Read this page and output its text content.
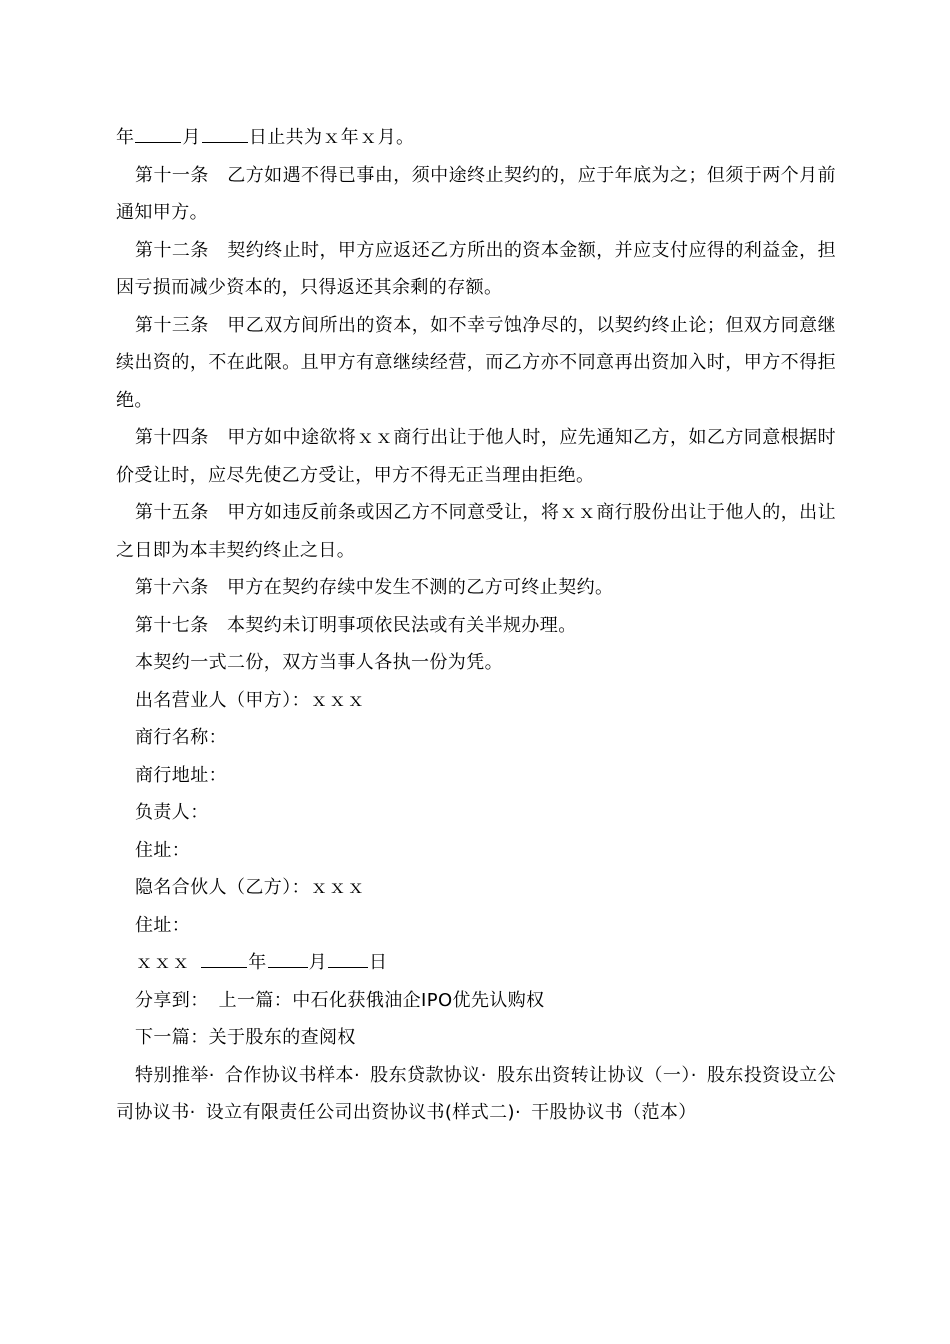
年	月	日止共为ｘ年ｘ月。

第十一条　乙方如遇不得已事由，须中途终止契约的，应于年底为之；但须于两个月前通知甲方。

第十二条　契约终止时，甲方应返还乙方所出的资本金额，并应支付应得的利益金，担因亏损而减少资本的，只得返还其余剩的存额。

第十三条　甲乙双方间所出的资本，如不幸亏蚀净尽的，以契约终止论；但双方同意继续出资的，不在此限。且甲方有意继续经营，而乙方亦不同意再出资加入时，甲方不得拒绝。

第十四条　甲方如中途欲将ｘｘ商行出让于他人时，应先通知乙方，如乙方同意根据时价受让时，应尽先使乙方受让，甲方不得无正当理由拒绝。

第十五条　甲方如违反前条或因乙方不同意受让，将ｘｘ商行股份出让于他人的，出让之日即为本丰契约终止之日。

第十六条　甲方在契约存续中发生不测的乙方可终止契约。

第十七条　本契约未订明事项依民法或有关半规办理。

本契约一式二份，双方当事人各执一份为凭。

出名营业人（甲方）：ｘｘｘ

商行名称：

商行地址：

负责人：

住址：

隐名合伙人（乙方）：ｘｘｘ

住址：

ｘｘｘ	年 月 日

分享到： 上一篇：中石化获俄油企IPO优先认购权

下一篇：关于股东的查阅权

特别推举· 合作协议书样本· 股东贷款协议· 股东出资转让协议（一）· 股东投资设立公司协议书· 设立有限责任公司出资协议书(样式二)· 干股协议书（范本）
